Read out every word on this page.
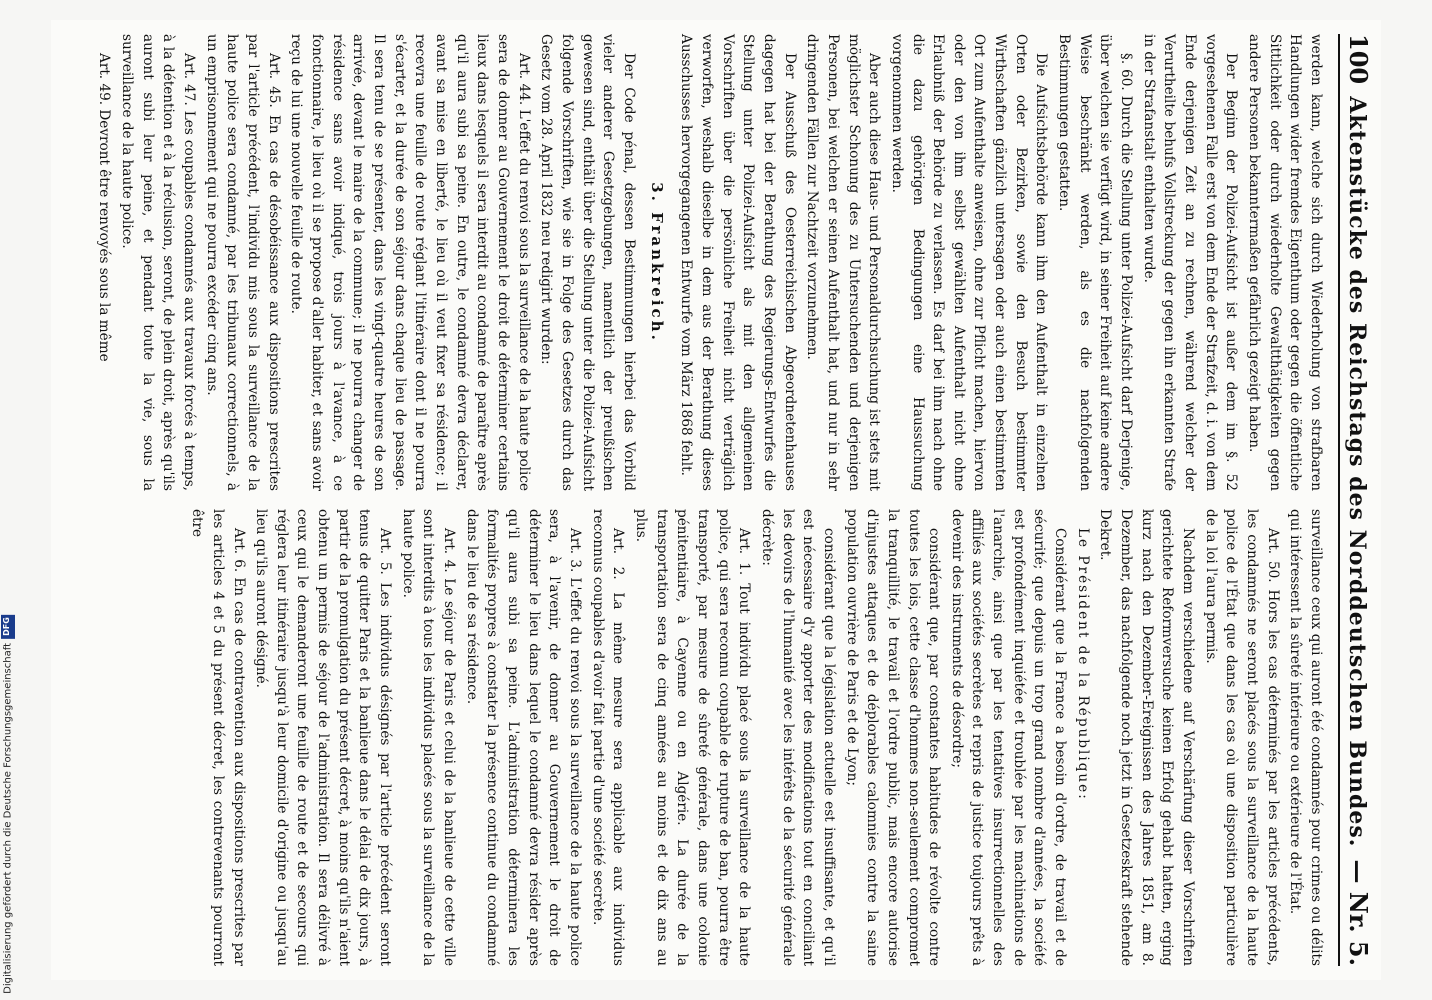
100
Aktenstücke des Reichstags des Norddeutschen Bundes.
— Nr. 5.

werden kann, welche sich durch Wiederholung von strafbaren Handlungen wider fremdes Eigenthum oder gegen die öffentliche Sittlichkeit oder durch wiederholte Gewaltthätigkeiten gegen andere Personen bekanntermaßen gefährlich gezeigt haben.

Der Beginn der Polizei-Aufsicht ist außer dem im §. 52 vorgesehenen Falle erst von dem Ende der Strafzeit, d. i. von dem Ende derjenigen Zeit an zu rechnen, während welcher der Verurtheilte behufs Vollstreckung der gegen ihn erkannten Strafe in der Strafanstalt enthalten wurde.

§. 60. Durch die Stellung unter Polizei-Aufsicht darf Derjenige, über welchen sie verfügt wird, in seiner Freiheit auf keine andere Weise beschränkt werden, als es die nachfolgenden Bestimmungen gestatten.

Die Aufsichtsbehörde kann ihm den Aufenthalt in einzelnen Orten oder Bezirken, sowie den Besuch bestimmter Wirthschaften gänzlich untersagen oder auch einen bestimmten Ort zum Aufenthalte anweisen, ohne zur Pflicht machen, hiervon oder den von ihm selbst gewählten Aufenthalt nicht ohne Erlaubniß der Behörde zu verlassen. Es darf bei ihm nach ohne die dazu gehörigen Bedingungen eine Haussuchung vorgenommen werden.

Aber auch diese Haus- und Personaldurchsuchung ist stets mit möglichster Schonung des zu Untersuchenden und derjenigen Personen, bei welchen er seinen Aufenthalt hat, und nur in sehr dringenden Fällen zur Nachtzeit vorzunehmen.

Der Ausschuß des Oesterreichischen Abgeordnetenhauses dagegen hat bei der Berathung des Regierungs-Entwurfes die Stellung unter Polizei-Aufsicht als mit den allgemeinen Vorschriften über die persönliche Freiheit nicht verträglich verworfen, weshalb dieselbe in dem aus der Berathung dieses Ausschusses hervorgegangenen Entwurfe vom März 1868 fehlt.

3. Frankreich.

Der Code pénal, dessen Bestimmungen hierbei das Vorbild vieler anderer Gesetzgebungen, namentlich der preußischen gewesen sind, enthält über die Stellung unter die Polizei-Aufsicht folgende Vorschriften, wie sie in Folge des Gesetzes durch das Gesetz vom 28. April 1832 neu redigirt wurden:

Art. 44. L'effet du renvoi sous la surveillance de la haute police sera de donner au Gouvernement le droit de déterminer certains lieux dans lesquels il sera interdit au condamné de paraître après qu'il aura subi sa peine. En outre, le condamné devra déclarer, avant sa mise en liberté, le lieu où il veut fixer sa résidence; il recevra une feuille de route réglant l'itinéraire dont il ne pourra s'écarter, et la durée de son séjour dans chaque lieu de passage. Il sera tenu de se présenter, dans les vingt-quatre heures de son arrivée, devant le maire de la commune; il ne pourra changer de résidence sans avoir indiqué, trois jours à l'avance, à ce fonctionnaire, le lieu où il se propose d'aller habiter, et sans avoir reçu de lui une nouvelle feuille de route.

Art. 45. En cas de désobéissance aux dispositions prescrites par l'article précédent, l'individu mis sous la surveillance de la haute police sera condamné, par les tribunaux correctionnels, à un emprisonnement qui ne pourra excéder cinq ans.

Art. 47. Les coupables condamnés aux travaux forcés à temps, à la détention et à la réclusion, seront, de plein droit, après qu'ils auront subi leur peine, et pendant toute la vie, sous la surveillance de la haute police.

Art. 49. Devront être renvoyés sous la même

surveillance ceux qui auront été condamnés pour crimes ou délits qui intéressent la sûreté intérieure ou extérieure de l'État.

Art. 50. Hors les cas déterminés par les articles précédents, les condamnés ne seront placés sous la surveillance de la haute police de l'État que dans les cas où une disposition particulière de la loi l'aura permis.

Nachdem verschiedene auf Verschärfung dieser Vorschriften gerichtete Reformversuche keinen Erfolg gehabt hatten, erging kurz nach den Dezember-Ereignissen des Jahres 1851, am 8. Dezember, das nachfolgende noch jetzt in Gesetzeskraft stehende Dekret.

Le Président de la République:

Considérant que la France a besoin d'ordre, de travail et de sécurité; que depuis un trop grand nombre d'années, la société est profondément inquiétée et troublée par les machinations de l'anarchie, ainsi que par les tentatives insurrectionnelles des affiliés aux sociétés secrètes et repris de justice toujours prêts à devenir des instruments de désordre;

considérant que, par constantes habitudes de révolte contre toutes les lois, cette classe d'hommes non-seulement compromet la tranquillité, le travail et l'ordre public, mais encore autorise d'injustes attaques et de déplorables calomnies contre la saine population ouvrière de Paris et de Lyon;

considérant que la législation actuelle est insuffisante, et qu'il est nécessaire d'y apporter des modifications tout en conciliant les devoirs de l'humanité avec les intérêts de la sécurité générale décrète:

Art. 1. Tout individu placé sous la surveillance de la haute police, qui sera reconnu coupable de rupture de ban, pourra être transporté, par mesure de sûreté générale, dans une colonie pénitentiaire, à Cayenne ou en Algérie. La durée de la transportation sera de cinq années au moins et de dix ans au plus.

Art. 2. La même mesure sera applicable aux individus reconnus coupables d'avoir fait partie d'une société secrète.

Art. 3. L'effet du renvoi sous la surveillance de la haute police sera, à l'avenir, de donner au Gouvernement le droit de déterminer le lieu dans lequel le condamné devra résider après qu'il aura subi sa peine. L'administration déterminera les formalités propres à constater la présence continue du condamné dans le lieu de sa résidence.

Art. 4. Le séjour de Paris et celui de la banlieue de cette ville sont interdits à tous les individus placés sous la surveillance de la haute police.

Art. 5. Les individus désignés par l'article précédent seront tenus de quitter Paris et la banlieue dans le délai de dix jours, à partir de la promulgation du présent décret, à moins qu'ils n'aient obtenu un permis de séjour de l'administration. Il sera délivré à ceux qui le demanderont une feuille de route et de secours qui réglera leur itinéraire jusqu'à leur domicile d'origine ou jusqu'au lieu qu'ils auront désigné.

Art. 6. En cas de contravention aux dispositions prescrites par les articles 4 et 5 du présent décret, les contrevenants pourront être

Digitalisierung gefördert durch die Deutsche Forschungsgemeinschaft
DFG
